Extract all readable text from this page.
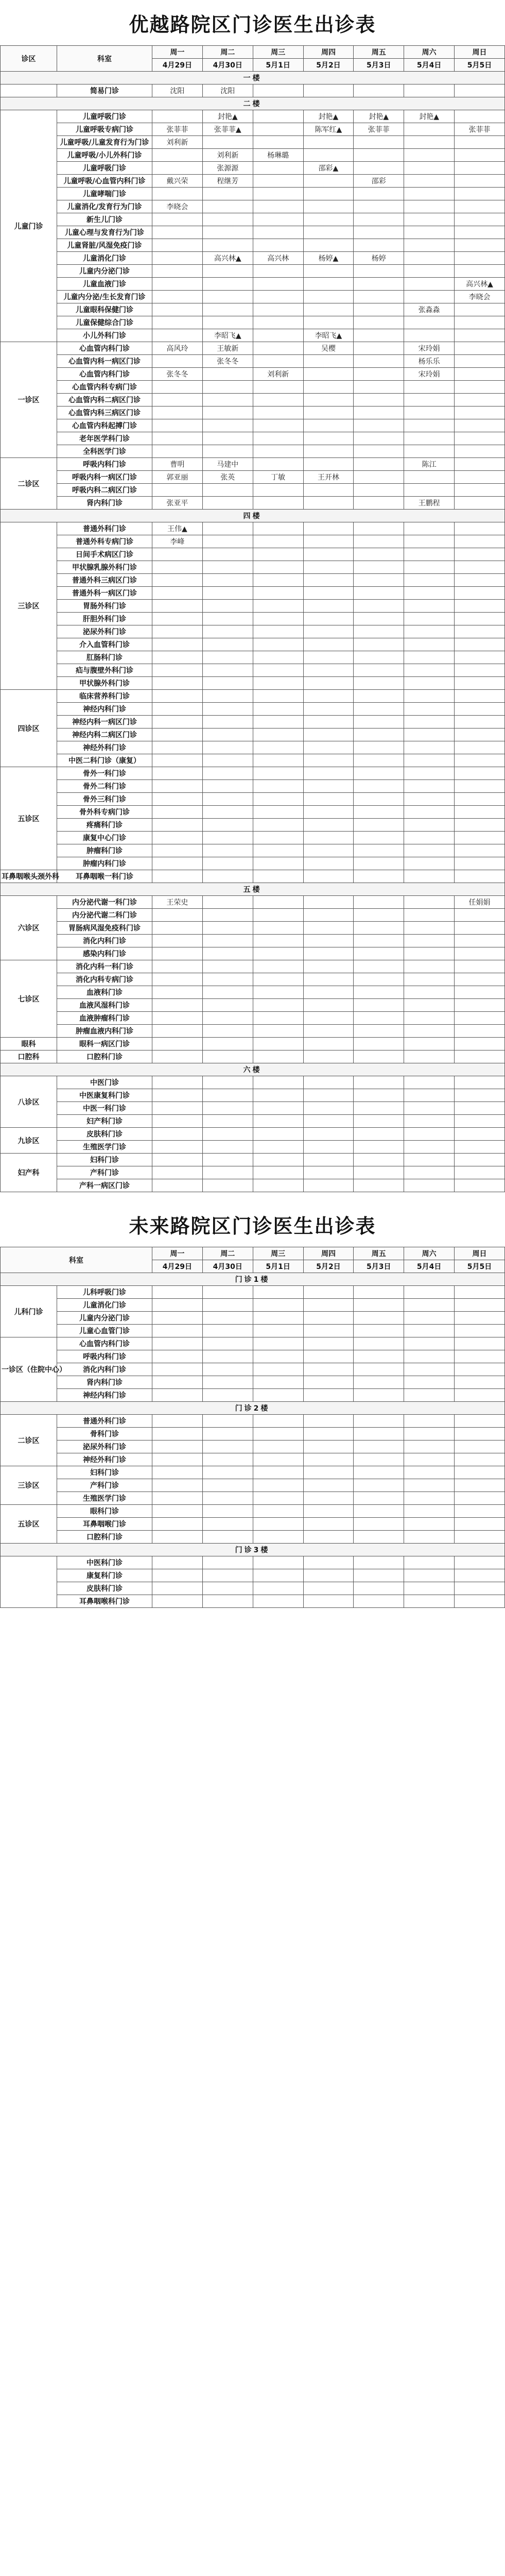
优越路院区门诊医生出诊表
诊区	科室	周一	周二	周三	周四	周五	周六	周日
		4月29日	4月30日	5月1日	5月2日	5月3日	5月4日	5月5日
一楼								
	简易门诊	沈阳	沈阳					
二楼								
儿童门诊	儿童呼吸门诊		封艳▲		封艳▲	封艳▲	封艳▲	
	儿童呼吸专病门诊	张菲菲	张菲菲▲		陈军红▲	张菲菲		张菲菲
	儿童呼吸/儿童发育行为门诊	刘利新						
	儿童呼吸/小儿外科门诊		刘利新	杨琳璐				
	儿童呼吸门诊		张源源		邵彩▲			
	儿童呼吸/心血管内科门诊	戴兴荣	程继芳			邵彩		
	儿童哮喘门诊							
	儿童消化/发育行为门诊	李晓会						
	新生儿门诊							
	儿童心理与发育行为门诊							
	儿童肾脏/风湿免疫门诊							
	儿童消化门诊		高兴林▲	高兴林	杨婷▲	杨婷		
	儿童内分泌门诊							
	儿童血液门诊							高兴林▲
	儿童内分泌/生长发育门诊							李晓会
	儿童眼科保健门诊						张淼淼	
	儿童保健综合门诊							
	小儿外科门诊		李昭飞▲		李昭飞▲			
一诊区	心血管内科门诊	高风玲	王敏新		吴樱		宋玲娟	
	心血管内科一病区门诊		张冬冬				杨乐乐	
	心血管内科门诊	张冬冬		刘利新			宋玲娟	
	心血管内科专病门诊							
	心血管内科二病区门诊							
	心血管内科三病区门诊							
	心血管内科起搏门诊							
	老年医学科门诊							
	全科医学门诊							
二诊区	呼吸内科门诊	曹明	马建中				陈江	
	呼吸内科一病区门诊	郭亚丽	张英	丁敏	王开林			
	呼吸内科二病区门诊							
	肾内科门诊	张亚平					王鹏程	
四楼								
三诊区	普通外科门诊	王伟▲						
	普通外科专病门诊	李峰						
	日间手术病区门诊							
	甲状腺乳腺外科门诊							
	普通外科三病区门诊							
	普通外科一病区门诊							
	胃肠外科门诊							
	肝胆外科门诊							
	泌尿外科门诊							
	介入血管科门诊							
	肛肠科门诊							
	疝与腹壁外科门诊							
	甲状腺外科门诊							
四诊区	临床营养科门诊							
	神经内科门诊							
	神经内科一病区门诊							
	神经内科二病区门诊							
	神经外科门诊							
	中医二科门诊（康复）							
五诊区	骨外一科门诊							
	骨外二科门诊							
	骨外三科门诊							
	骨外科专病门诊							
	疼痛科门诊							
	康复中心门诊							
	肿瘤科门诊							
	肿瘤内科门诊							
耳鼻咽喉头颈外科	耳鼻咽喉一科门诊							
五楼								
六诊区	内分泌代谢一科门诊	王荣史						任娟娟
	内分泌代谢二科门诊							
	胃肠病风湿免疫科门诊							
	消化内科门诊							
	感染内科门诊							
七诊区	消化内科一科门诊							
	消化内科专病门诊							
	血液科门诊							
	血液风湿科门诊							
	血液肿瘤科门诊							
	肿瘤血液内科门诊							
眼科	眼科一病区门诊							
口腔科	口腔科门诊							
六楼								
八诊区	中医门诊							
	中医康复科门诊							
	中医一科门诊							
	妇产科门诊							
九诊区	皮肤科门诊							
	生殖医学门诊							
妇产科	妇科门诊							
	产科门诊							
	产科一病区门诊							
未来路院区门诊医生出诊表
科室		周一	周二	周三	周四	周五	周六	周日
		4月29日	4月30日	5月1日	5月2日	5月3日	5月4日	5月5日
门诊1楼								
儿科门诊	儿科呼吸门诊							
	儿童消化门诊							
	儿童内分泌门诊							
	儿童心血管门诊							
一诊区（住院中心）	心血管内科门诊							
	呼吸内科门诊							
	消化内科门诊							
	肾内科门诊							
	神经内科门诊							
门诊2楼								
二诊区	普通外科门诊							
	骨科门诊							
	泌尿外科门诊							
	神经外科门诊							
三诊区	妇科门诊							
	产科门诊							
	生殖医学门诊							
五诊区	眼科门诊							
	耳鼻咽喉门诊							
	口腔科门诊							
门诊3楼								
	中医科门诊							
	康复科门诊							
	皮肤科门诊							
	耳鼻咽喉科门诊							
